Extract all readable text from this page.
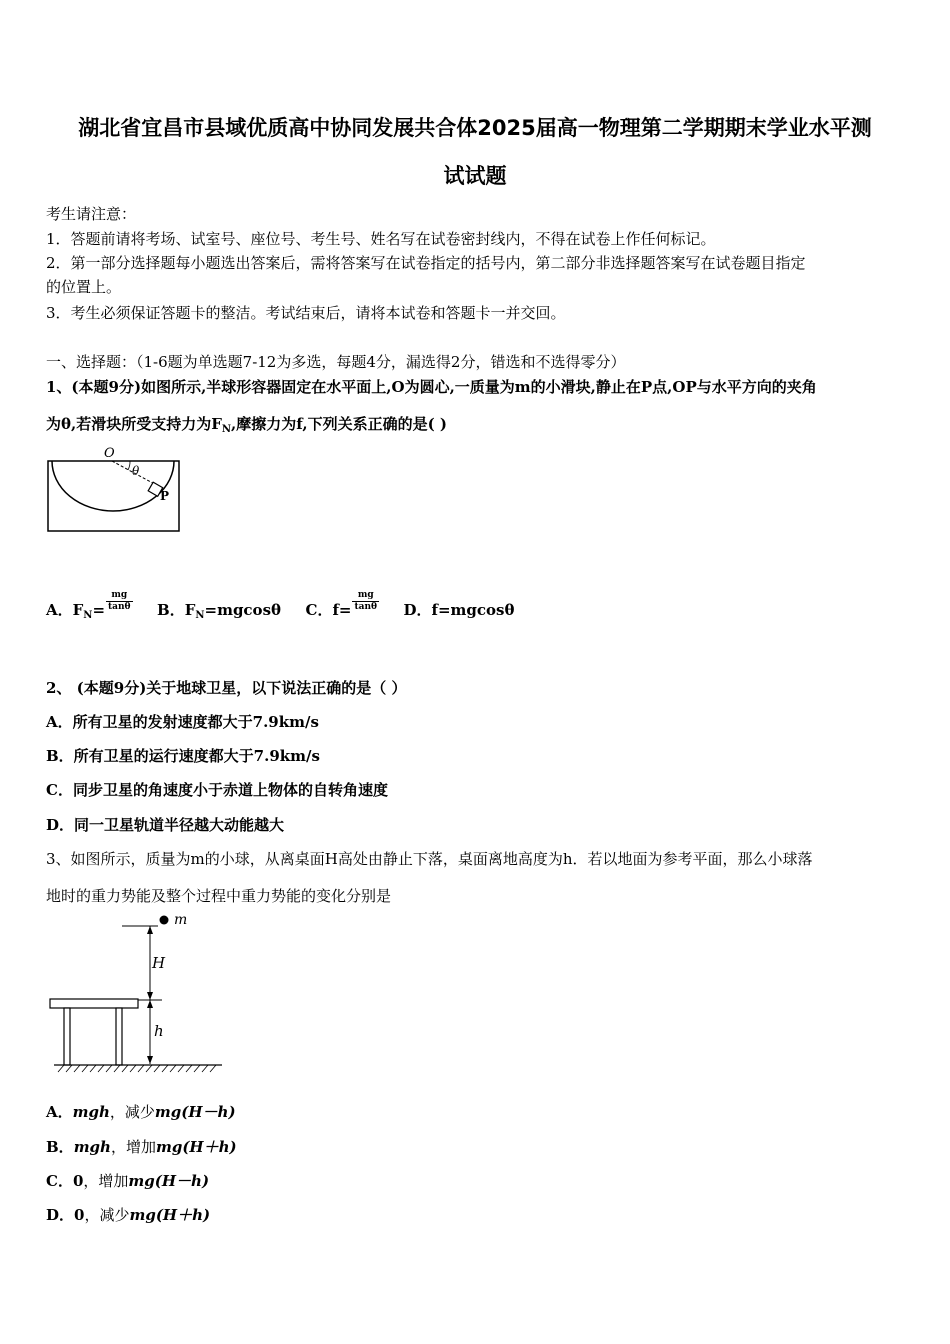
湖北省宜昌市县域优质高中协同发展共合体2025届高一物理第二学期期末学业水平测
试试题
考生请注意：
1．答题前请将考场、试室号、座位号、考生号、姓名写在试卷密封线内，不得在试卷上作任何标记。
2．第一部分选择题每小题选出答案后，需将答案写在试卷指定的括号内，第二部分非选择题答案写在试卷题目指定
的位置上。
3．考生必须保证答题卡的整洁。考试结束后，请将本试卷和答题卡一并交回。
一、选择题：（1-6题为单选题7-12为多选，每题4分，漏选得2分，错选和不选得零分）
1、(本题9分)如图所示,半球形容器固定在水平面上,O为圆心,一质量为m的小滑块,静止在P点,OP与水平方向的夹角
为θ,若滑块所受支持力为$F_N$,摩擦力为f,下列关系正确的是( )
O
θ
P
A．$F_N= \frac{mg}{\tan\theta}$ B．$F_N=mgcos\theta$ C．$f= \frac{mg}{\tan\theta}$ D．f=mgcosθ
2、 (本题9分)关于地球卫星，以下说法正确的是（ ）
A．所有卫星的发射速度都大于7.9km/s
B．所有卫星的运行速度都大于7.9km/s
C．同步卫星的角速度小于赤道上物体的自转角速度
D．同一卫星轨道半径越大动能越大
3、如图所示，质量为m的小球，从离桌面H高处由静止下落，桌面离地高度为h．若以地面为参考平面，那么小球落
地时的重力势能及整个过程中重力势能的变化分别是
m
H
h
A．mgh，减少mg(H－h)
B．mgh，增加mg(H＋h)
C．0，增加mg(H－h)
D．0，减少mg(H＋h)
